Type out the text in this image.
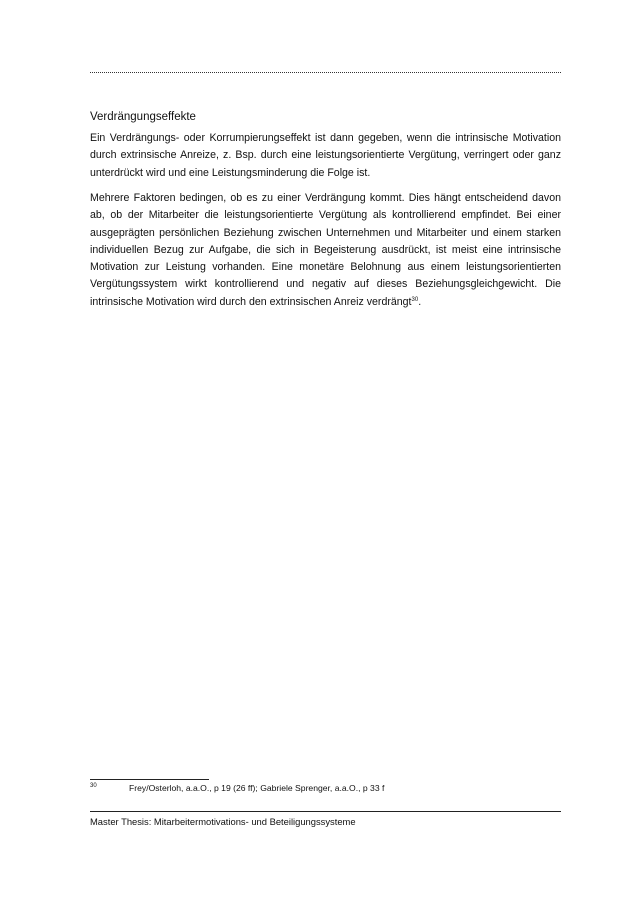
Verdrängungseffekte

Ein Verdrängungs- oder Korrumpierungseffekt ist dann gegeben, wenn die intrinsische Motivation durch extrinsische Anreize, z. Bsp. durch eine leistungsorientierte Vergütung, verringert oder ganz unterdrückt wird und eine Leistungsminderung die Folge ist.

Mehrere Faktoren bedingen, ob es zu einer Verdrängung kommt. Dies hängt entscheidend davon ab, ob der Mitarbeiter die leistungsorientierte Vergütung als kontrollierend empfindet. Bei einer ausgeprägten persönlichen Beziehung zwischen Unternehmen und Mitarbeiter und einem starken individuellen Bezug zur Aufgabe, die sich in Begeisterung ausdrückt, ist meist eine intrinsische Motivation zur Leistung vorhanden. Eine monetäre Belohnung aus einem leistungsorientierten Vergütungssystem wirkt kontrollierend und negativ auf dieses Beziehungsgleichgewicht. Die intrinsische Motivation wird durch den extrinsischen Anreiz verdrängt$^{30}$.

30	Frey/Osterloh, a.a.O., p 19 (26 ff); Gabriele Sprenger, a.a.O., p 33 f
Master Thesis: Mitarbeitermotivations- und Beteiligungssysteme
